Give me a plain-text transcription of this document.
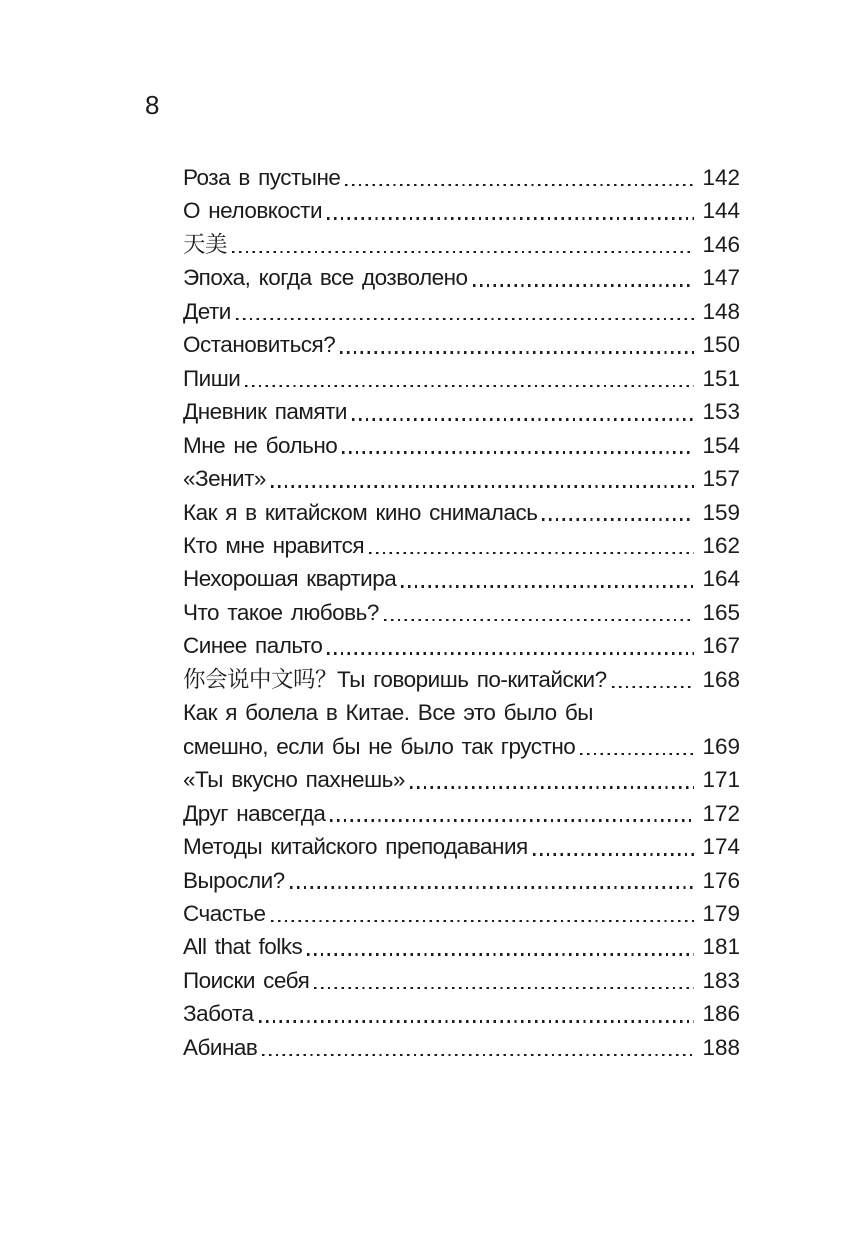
8
Роза в пустыне	142
О неловкости	144
天美	146
Эпоха, когда все дозволено	147
Дети	148
Остановиться?	150
Пиши	151
Дневник памяти	153
Мне не больно	154
«Зенит»	157
Как я в китайском кино снималась	159
Кто мне нравится	162
Нехорошая квартира	164
Что такое любовь?	165
Синее пальто	167
你会说中文吗？Ты говоришь по-китайски?	168
Как я болела в Китае. Все это было бы
смешно, если бы не было так грустно	169
«Ты вкусно пахнешь»	171
Друг навсегда	172
Методы китайского преподавания	174
Выросли?	176
Счастье	179
All that folks	181
Поиски себя	183
Забота	186
Абинав	188
